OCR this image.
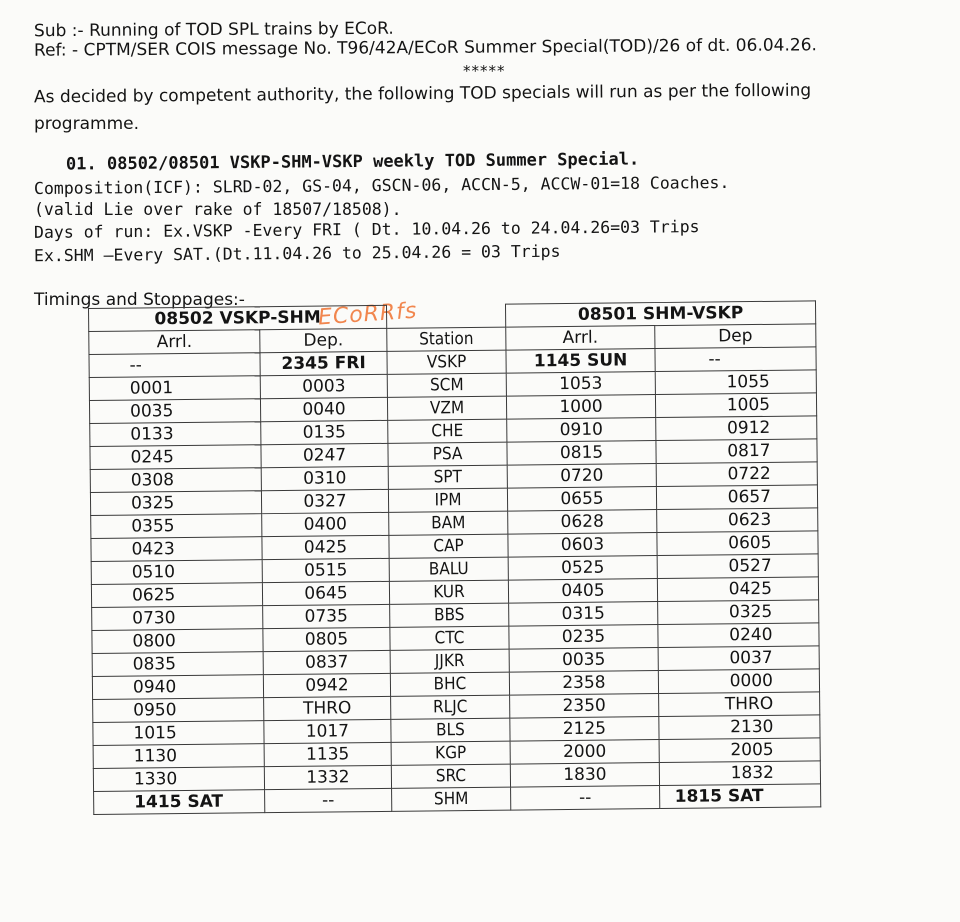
Sub :- Running of TOD SPL trains by ECoR.
Ref: - CPTM/SER COIS message No. T96/42A/ECoR Summer Special(TOD)/26 of dt. 06.04.26.
*****
As decided by competent authority, the following TOD specials will run as per the following
programme.
01. 08502/08501 VSKP-SHM-VSKP weekly TOD Summer Special.
Composition(ICF): SLRD-02, GS-04, GSCN-06, ACCN-5, ACCW-01=18 Coaches.
(valid Lie over rake of 18507/18508).
Days of run: Ex.VSKP -Every FRI ( Dt. 10.04.26 to 24.04.26=03 Trips
Ex.SHM –Every SAT.(Dt.11.04.26 to 25.04.26 = 03 Trips
Timings and Stoppages:-	ECoRRfs
08502 VSKP-SHM			08501 SHM-VSKP	
Arrl.	Dep.	Station	Arrl.	Dep
--	2345 FRI	VSKP	1145 SUN	--
0001	0003	SCM	1053	1055
0035	0040	VZM	1000	1005
0133	0135	CHE	0910	0912
0245	0247	PSA	0815	0817
0308	0310	SPT	0720	0722
0325	0327	IPM	0655	0657
0355	0400	BAM	0628	0623
0423	0425	CAP	0603	0605
0510	0515	BALU	0525	0527
0625	0645	KUR	0405	0425
0730	0735	BBS	0315	0325
0800	0805	CTC	0235	0240
0835	0837	JJKR	0035	0037
0940	0942	BHC	2358	0000
0950	THRO	RLJC	2350	THRO
1015	1017	BLS	2125	2130
1130	1135	KGP	2000	2005
1330	1332	SRC	1830	1832
1415 SAT	--	SHM	--	1815 SAT
